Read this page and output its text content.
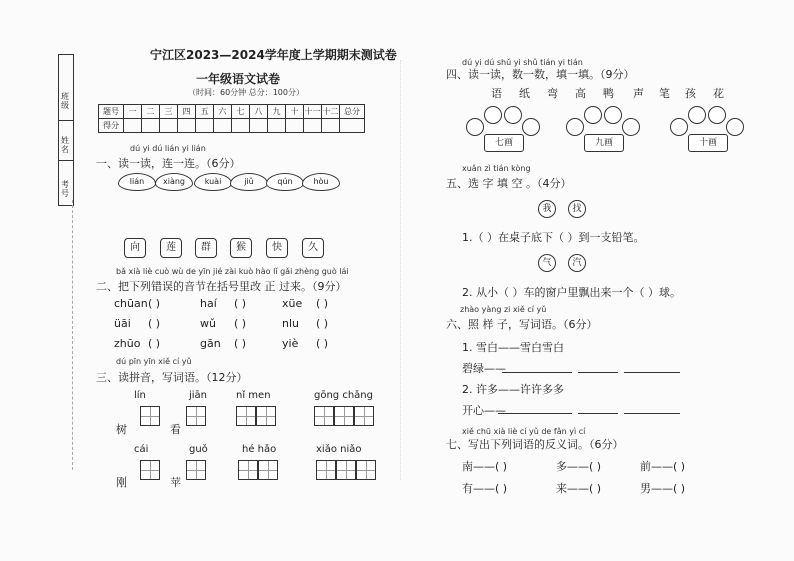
班级
姓名
考号
宁江区2023—2024学年度上学期期末测试卷
一年级语文试卷
（时间：60分钟 总分：100分）
题号	一	二	三	四	五	六	七	八	九	十	十一	十二	总分
得分													
dú yi dú lián yi lián
一、读一读，连一连。（6分）
lián	xiàng	kuài	jiǔ	qún	hòu
向	莲	群	猴	快	久
bǎ xià liè cuò wù de yīn jié zài kuò hào lǐ gǎi zhèng guò lái
二、把下列错误的音节在括号里改 正 过来。（9分）
chūan ( )	haí ( )	xüe ( )
üāi ( )	wǔ ( )	nlu ( )
zhūo ( )	gān ( )	yiè ( )
dú pīn yīn xiě cí yǔ
三、读拼音，写词语。（12分）
lín	jiān	nǐ men	gōng chǎng
cái	guǒ	hé hǎo	xiǎo niǎo
树	看
刚	苹
dú yi dú shǔ yi shǔ tián yi tián
四、读一读，数一数，填一填。（9分）
语 纸 弯 高 鸭 声 笔 孩 花
七画	九画	十画
xuǎn zì tián kòng
五、选 字 填 空 。（4分）
我	找
1.（ ）在桌子底下（ ）到一支铅笔。
气	汽
2. 从小（ ）车的窗户里飘出来一个（ ）球。
zhào yàng zi xiě cí yǔ
六、照 样 子，写词语。（6分）
1. 雪白——雪白雪白
碧绿——
2. 许多——许许多多
开心——
xiě chū xià liè cí yǔ de fǎn yì cí
七、写出下列词语的反义词。（6分）
南——( )	多——( )	前——( )
有——( )	来——( )	男——( )
